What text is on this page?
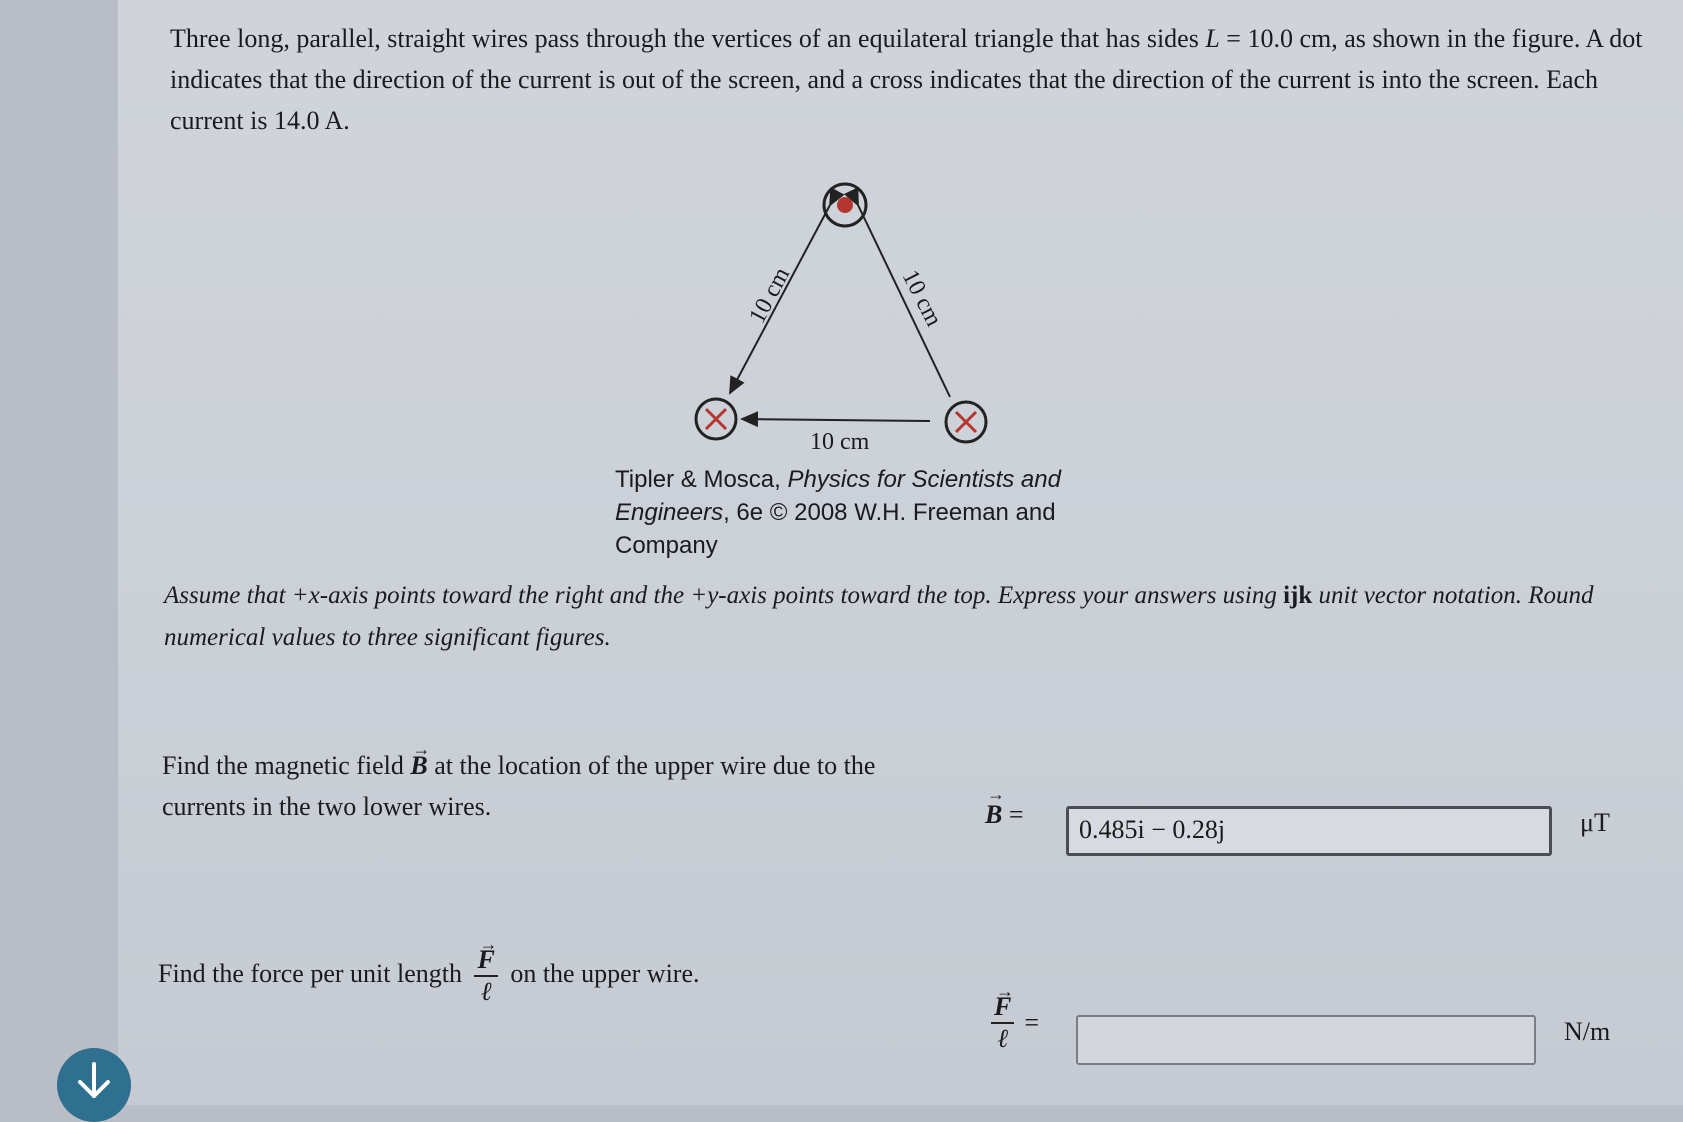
Three long, parallel, straight wires pass through the vertices of an equilateral triangle that has sides L = 10.0 cm, as shown in the figure. A dot indicates that the direction of the current is out of the screen, and a cross indicates that the direction of the current is into the screen. Each current is 14.0 A.
10 cm	10 cm
10 cm
Tipler & Mosca, Physics for Scientists and Engineers, 6e © 2008 W.H. Freeman and Company
Assume that +x-axis points toward the right and the +y-axis points toward the top. Express your answers using ijk unit vector notation. Round numerical values to three significant figures.
Find the magnetic field → B at the location of the upper wire due to the currents in the two lower wires.	→ B =
0.485i − 0.28j	μT
Find the force per unit length → $\frac{F}{\text{ℓ}}$ on the upper wire.
→ $\frac{F}{\text{ℓ}}$ =	N/m
